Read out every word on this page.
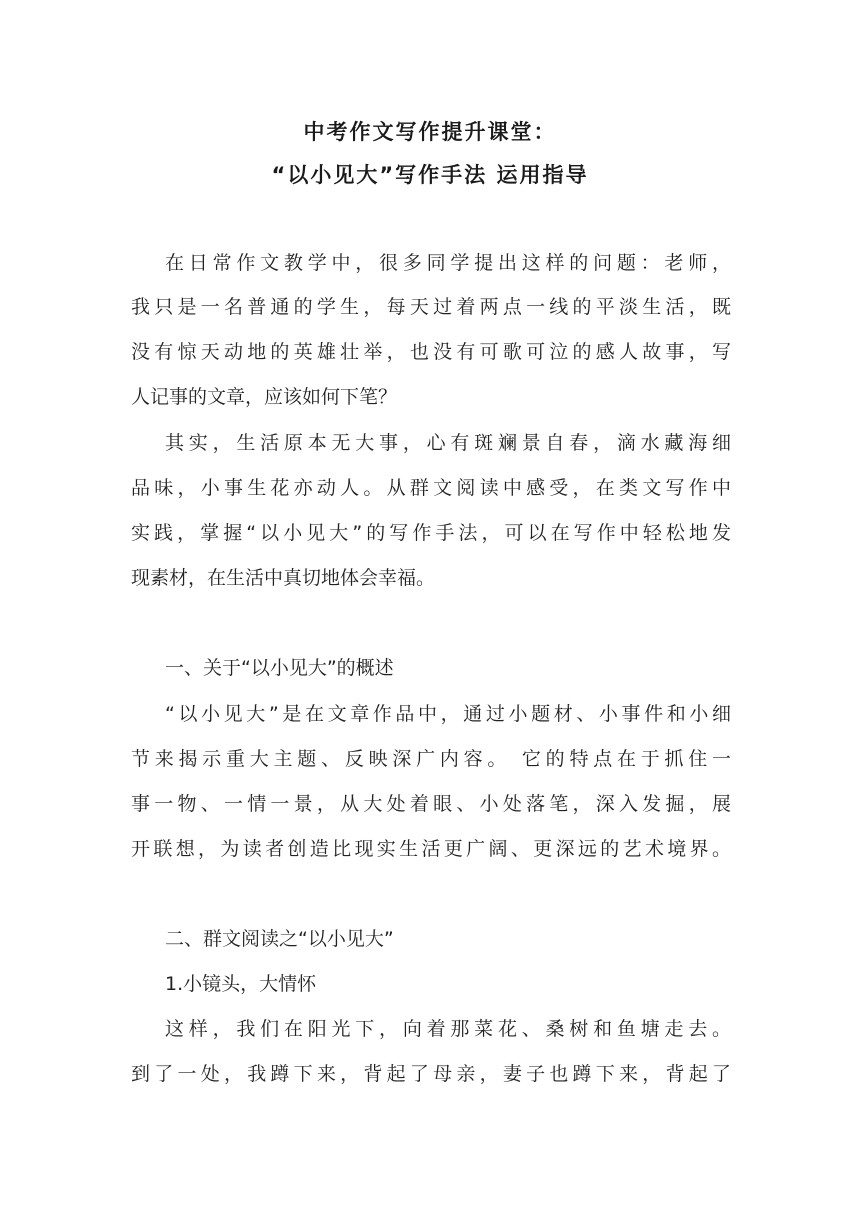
中考作文写作提升课堂：
“以小见大”写作手法 运用指导
在日常作文教学中，很多同学提出这样的问题：老师，
我只是一名普通的学生，每天过着两点一线的平淡生活，既
没有惊天动地的英雄壮举，也没有可歌可泣的感人故事，写
人记事的文章，应该如何下笔？
其实，生活原本无大事，心有斑斓景自春，滴水藏海细
品味，小事生花亦动人。从群文阅读中感受，在类文写作中
实践，掌握“以小见大”的写作手法，可以在写作中轻松地发
现素材，在生活中真切地体会幸福。
一、关于“以小见大”的概述
“以小见大”是在文章作品中，通过小题材、小事件和小细
节来揭示重大主题、反映深广内容。 它的特点在于抓住一
事一物、一情一景，从大处着眼、小处落笔，深入发掘，展
开联想，为读者创造比现实生活更广阔、更深远的艺术境界。
二、群文阅读之“以小见大”
1.小镜头，大情怀
这样，我们在阳光下，向着那菜花、桑树和鱼塘走去。
到了一处，我蹲下来，背起了母亲，妻子也蹲下来，背起了
